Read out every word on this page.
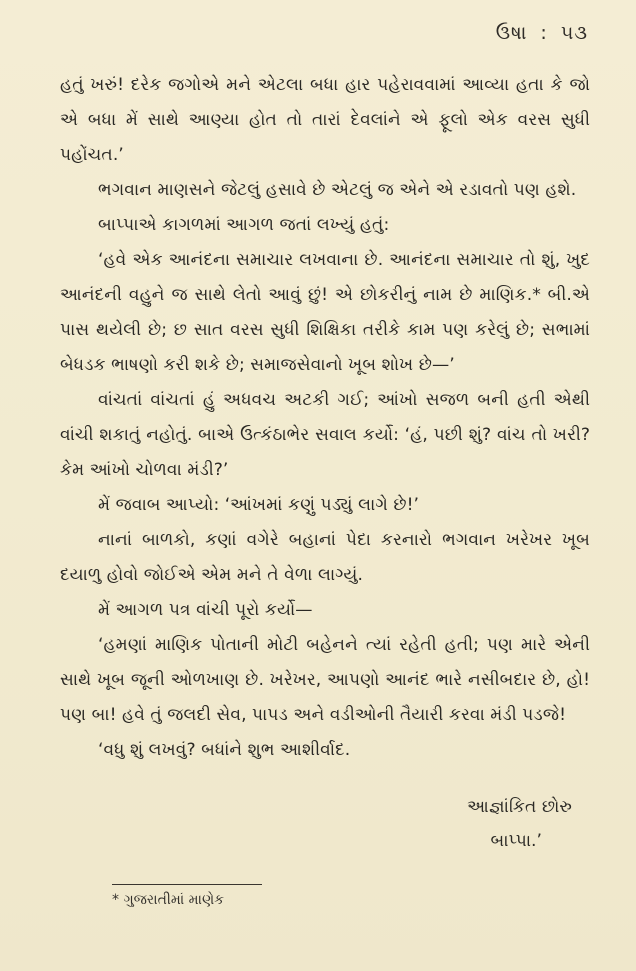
ઉષા : ૫૩

હતું ખરું! દરેક જગોએ મને એટલા બધા હાર પહેરાવવામાં આવ્યા હતા કે જો એ બધા મેં સાથે આણ્યા હોત તો તારાં દેવલાંને એ ફૂલો એક વરસ સુધી પહોંચત.’

ભગવાન માણસને જેટલું હસાવે છે એટલું જ એને એ રડાવતો પણ હશે.

બાપ્પાએ કાગળમાં આગળ જતાં લખ્યું હતું:

‘હવે એક આનંદના સમાચાર લખવાના છે. આનંદના સમાચાર તો શું, ખુદ આનંદની વહુને જ સાથે લેતો આવું છું! એ છોકરીનું નામ છે માણિક.* બી.એ પાસ થયેલી છે; છ સાત વરસ સુધી શિક્ષિકા તરીકે કામ પણ કરેલું છે; સભામાં બેધડક ભાષણો કરી શકે છે; સમાજસેવાનો ખૂબ શોખ છે—’

વાંચતાં વાંચતાં હું અધવચ અટકી ગઈ; આંખો સજળ બની હતી એથી વાંચી શકાતું નહોતું. બાએ ઉત્કંઠાભેર સવાલ કર્યો: ‘હં, પછી શું? વાંચ તો ખરી? કેમ આંખો ચોળવા મંડી?’

મેં જવાબ આપ્યો: ‘આંખમાં કણું પડ્યું લાગે છે!’

નાનાં બાળકો, કણાં વગેરે બહાનાં પેદા કરનારો ભગવાન ખરેખર ખૂબ દયાળુ હોવો જોઈએ એમ મને તે વેળા લાગ્યું.

મેં આગળ પત્ર વાંચી પૂરો કર્યો—

‘હમણાં માણિક પોતાની મોટી બહેનને ત્યાં રહેતી હતી; પણ મારે એની સાથે ખૂબ જૂની ઓળખાણ છે. ખરેખર, આપણો આનંદ ભારે નસીબદાર છે, હો! પણ બા! હવે તું જલદી સેવ, પાપડ અને વડીઓની તૈયારી કરવા મંડી પડજે!

‘વધુ શું લખવું? બધાંને શુભ આશીર્વાદ.

આજ્ઞાંકિત છોરુ
બાપ્પા.’
* ગુજરાતીમાં માણેક
